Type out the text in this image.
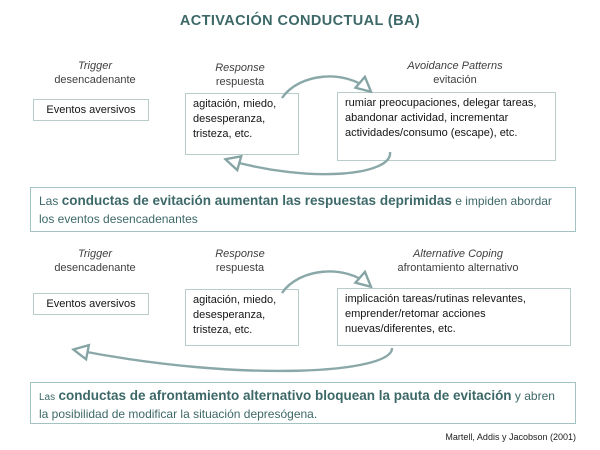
ACTIVACIÓN CONDUCTUAL (BA)
Trigger
desencadenante
Response
respuesta
Avoidance Patterns
evitación
Eventos aversivos	agitación, miedo, desesperanza, tristeza, etc.
rumiar preocupaciones, delegar tareas, abandonar actividad, incrementar actividades/consumo (escape), etc.
Las conductas de evitación aumentan las respuestas deprimidas e impiden abordar los eventos desencadenantes
Trigger
desencadenante
Response
respuesta
Alternative Coping
afrontamiento alternativo
Eventos aversivos	agitación, miedo, desesperanza, tristeza, etc.
implicación tareas/rutinas relevantes, emprender/retomar acciones nuevas/diferentes, etc.
Las conductas de afrontamiento alternativo bloquean la pauta de evitación y abren la posibilidad de modificar la situación depresógena.
Martell, Addis y Jacobson (2001)
